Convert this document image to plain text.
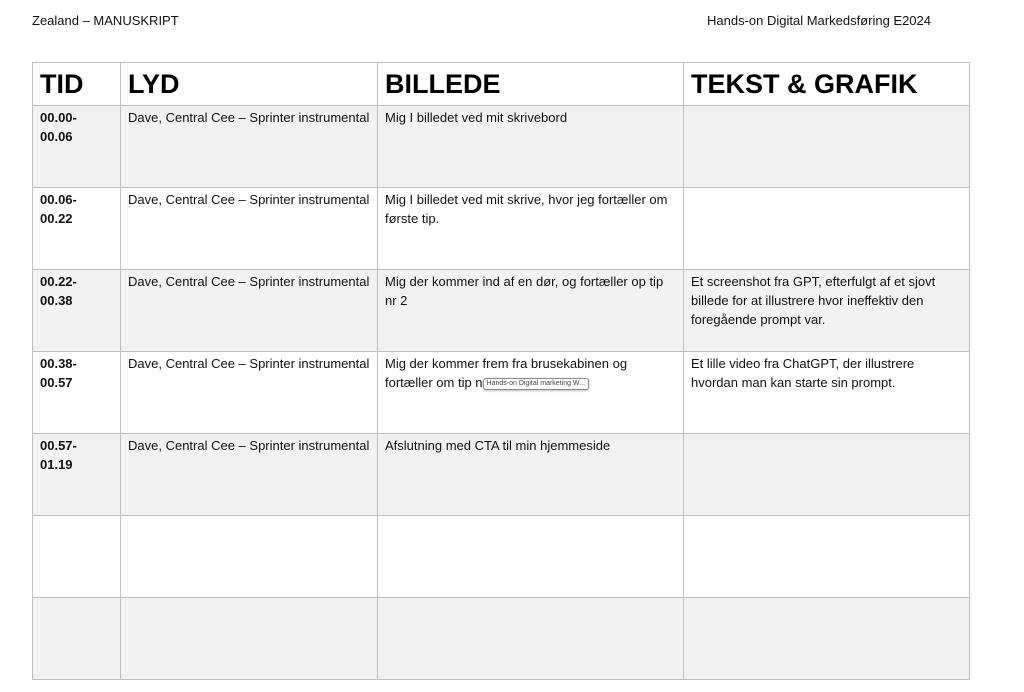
Zealand – MANUSKRIPT	Hands-on Digital Markedsføring E2024
TID	LYD	BILLEDE	TEKST & GRAFIK
00.00-
00.06	Dave, Central Cee – Sprinter instrumental	Mig I billedet ved mit skrivebord	
00.06-
00.22	Dave, Central Cee – Sprinter instrumental	Mig I billedet ved mit skrive, hvor jeg fortæller om første tip.	
00.22-
00.38	Dave, Central Cee – Sprinter instrumental	Mig der kommer ind af en dør, og fortæller op tip nr 2	Et screenshot fra GPT, efterfulgt af et sjovt billede for at illustrere hvor ineffektiv den foregående prompt var.
00.38-
00.57	Dave, Central Cee – Sprinter instrumental	Mig der kommer frem fra brusekabinen og fortæller om tip n Hands-on Digital marketing W...	Et lille video fra ChatGPT, der illustrere hvordan man kan starte sin prompt.
00.57-
01.19	Dave, Central Cee – Sprinter instrumental	Afslutning med CTA til min hjemmeside	
